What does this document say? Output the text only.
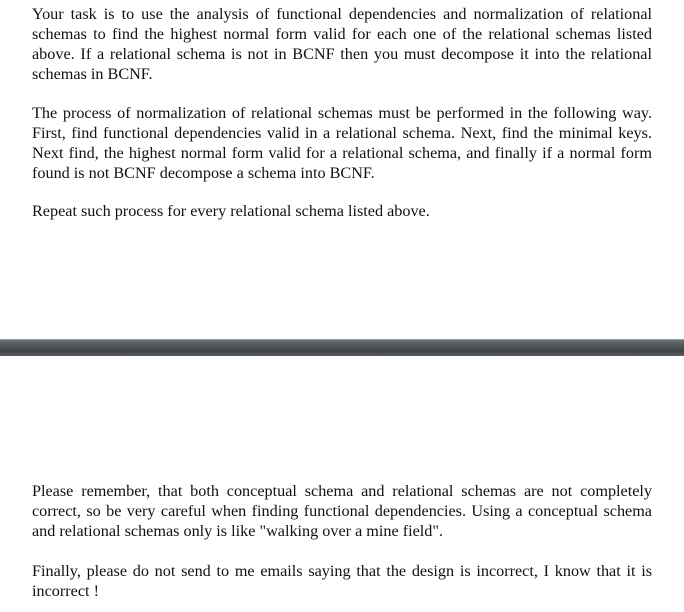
Your task is to use the analysis of functional dependencies and normalization of relational schemas to find the highest normal form valid for each one of the relational schemas listed above. If a relational schema is not in BCNF then you must decompose it into the relational schemas in BCNF.

The process of normalization of relational schemas must be performed in the following way. First, find functional dependencies valid in a relational schema. Next, find the minimal keys. Next find, the highest normal form valid for a relational schema, and finally if a normal form found is not BCNF decompose a schema into BCNF.

Repeat such process for every relational schema listed above.

Please remember, that both conceptual schema and relational schemas are not completely correct, so be very careful when finding functional dependencies. Using a conceptual schema and relational schemas only is like "walking over a mine field".

Finally, please do not send to me emails saying that the design is incorrect, I know that it is incorrect !
